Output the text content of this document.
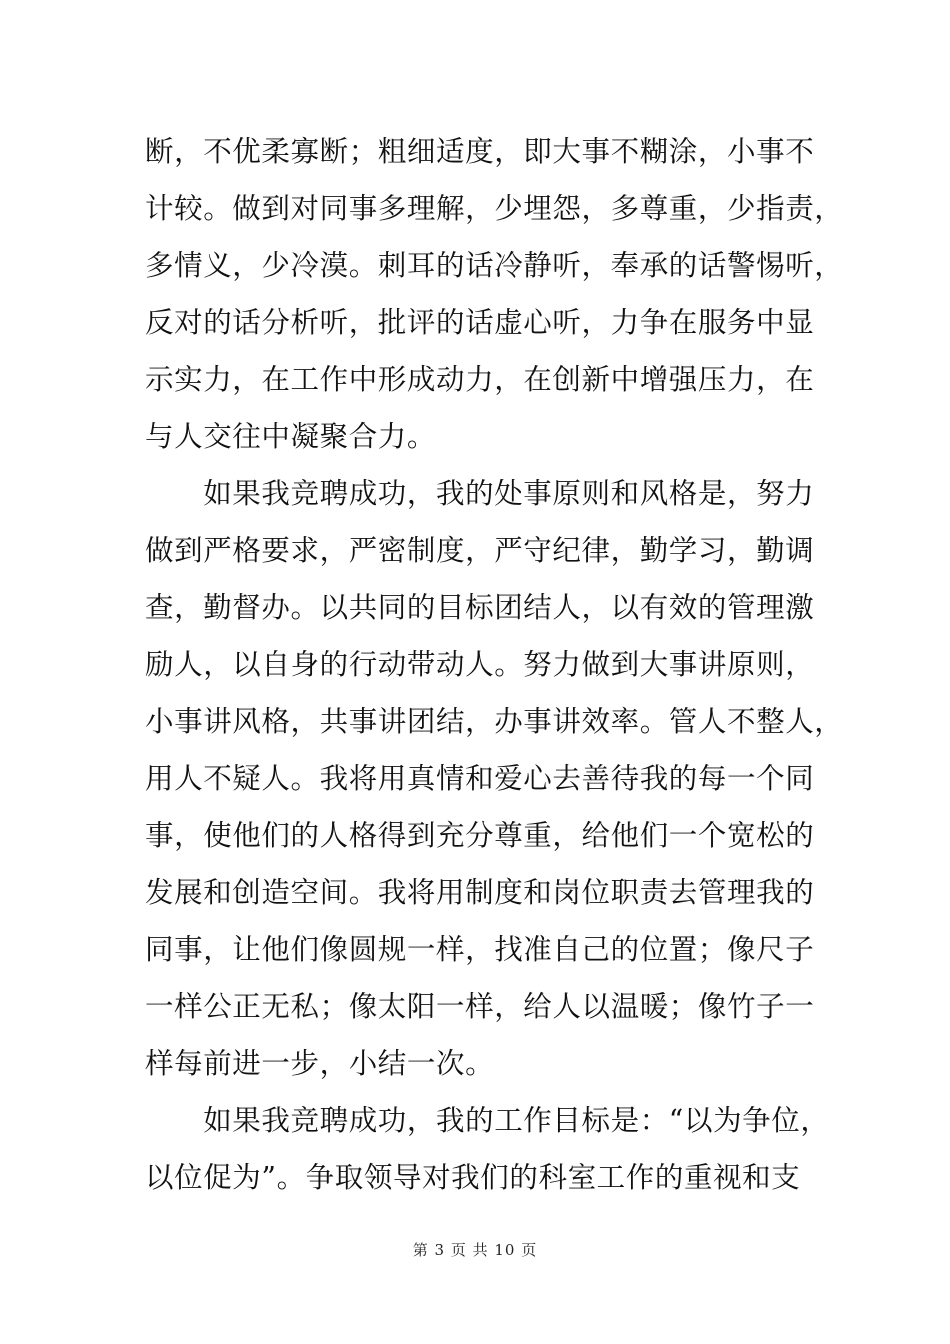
断，不优柔寡断；粗细适度，即大事不糊涂，小事不
计较。做到对同事多理解，少埋怨，多尊重，少指责，
多情义，少冷漠。刺耳的话冷静听，奉承的话警惕听，
反对的话分析听，批评的话虚心听，力争在服务中显
示实力，在工作中形成动力，在创新中增强压力，在
与人交往中凝聚合力。
　　如果我竞聘成功，我的处事原则和风格是，努力
做到严格要求，严密制度，严守纪律，勤学习，勤调
查，勤督办。以共同的目标团结人，以有效的管理激
励人，以自身的行动带动人。努力做到大事讲原则，
小事讲风格，共事讲团结，办事讲效率。管人不整人，
用人不疑人。我将用真情和爱心去善待我的每一个同
事，使他们的人格得到充分尊重，给他们一个宽松的
发展和创造空间。我将用制度和岗位职责去管理我的
同事，让他们像圆规一样，找准自己的位置；像尺子
一样公正无私；像太阳一样，给人以温暖；像竹子一
样每前进一步，小结一次。
　　如果我竞聘成功，我的工作目标是：“以为争位，
以位促为”。争取领导对我们的科室工作的重视和支
第 3 页 共 10 页
